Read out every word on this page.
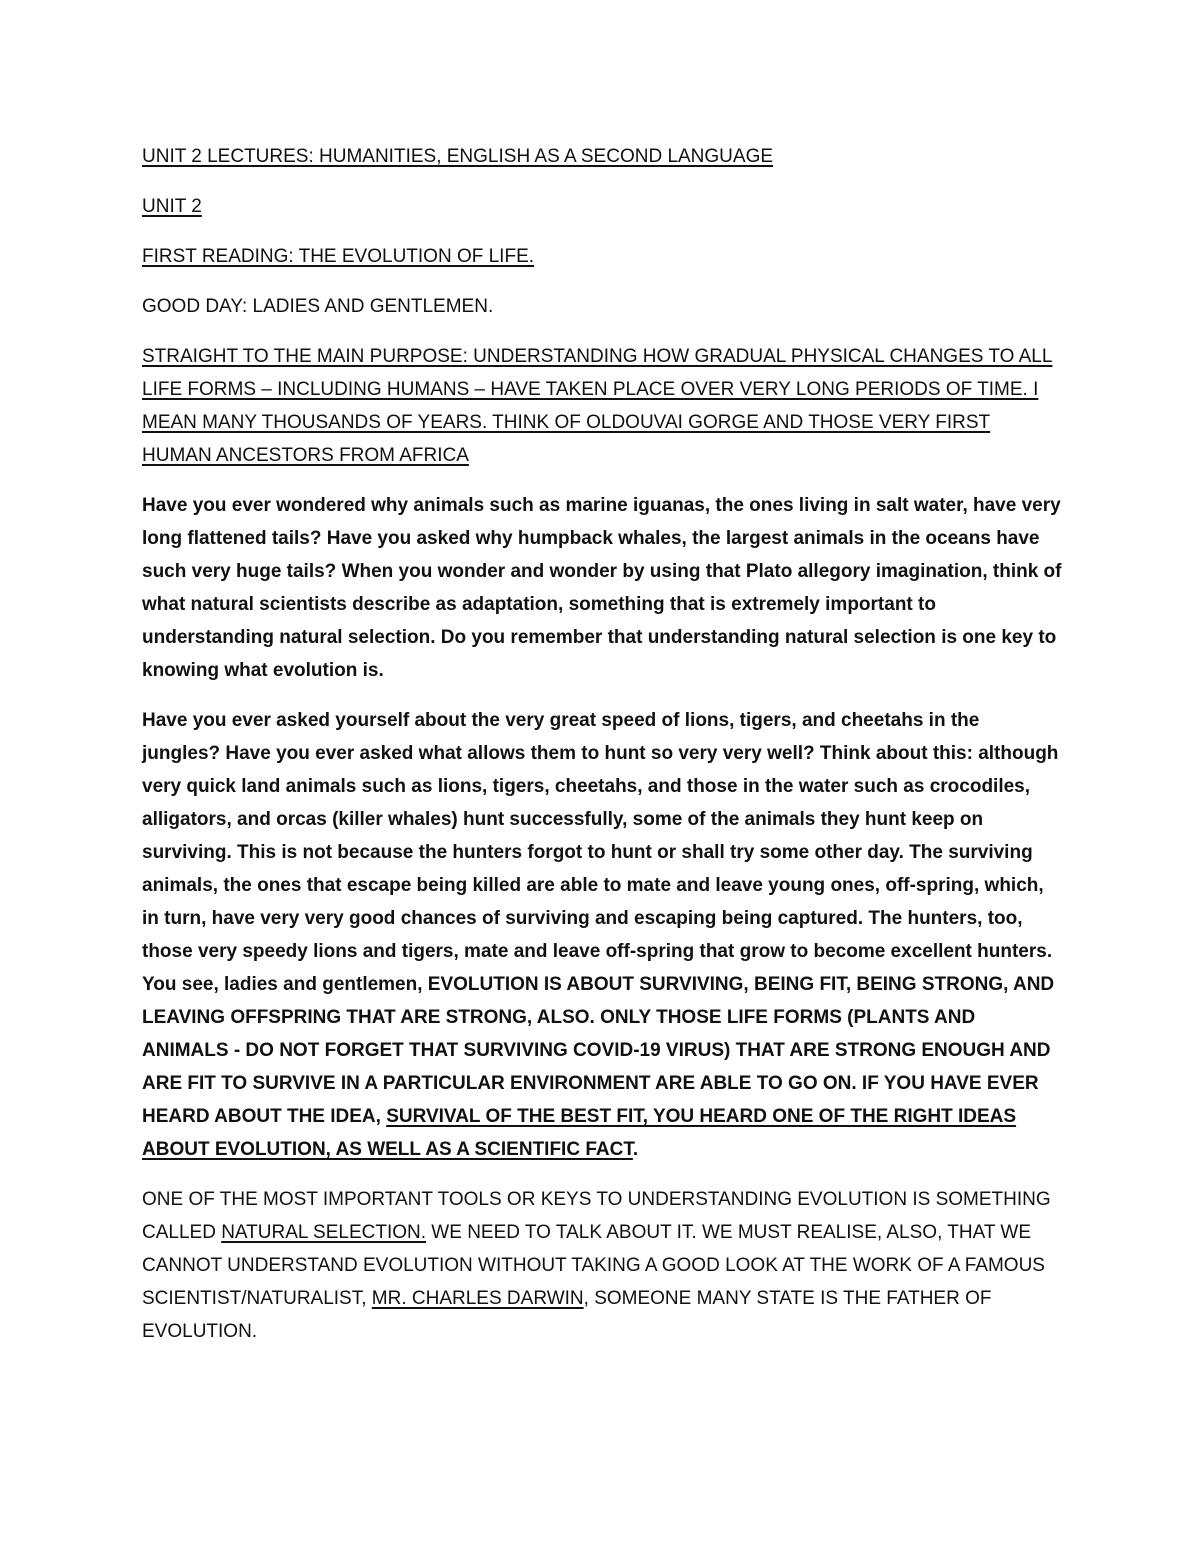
UNIT 2 LECTURES: HUMANITIES, ENGLISH AS A SECOND LANGUAGE

UNIT 2

FIRST READING: THE EVOLUTION OF LIFE.

GOOD DAY: LADIES AND GENTLEMEN.

STRAIGHT TO THE MAIN PURPOSE: UNDERSTANDING HOW GRADUAL PHYSICAL CHANGES TO ALL LIFE FORMS – INCLUDING HUMANS – HAVE TAKEN PLACE OVER VERY LONG PERIODS OF TIME. I MEAN MANY THOUSANDS OF YEARS. THINK OF OLDOUVAI GORGE AND THOSE VERY FIRST HUMAN ANCESTORS FROM AFRICA

Have you ever wondered why animals such as marine iguanas, the ones living in salt water, have very long flattened tails? Have you asked why humpback whales, the largest animals in the oceans have such very huge tails? When you wonder and wonder by using that Plato allegory imagination, think of what natural scientists describe as adaptation, something that is extremely important to understanding natural selection. Do you remember that understanding natural selection is one key to knowing what evolution is.

Have you ever asked yourself about the very great speed of lions, tigers, and cheetahs in the jungles? Have you ever asked what allows them to hunt so very very well? Think about this: although very quick land animals such as lions, tigers, cheetahs, and those in the water such as crocodiles, alligators, and orcas (killer whales) hunt successfully, some of the animals they hunt keep on surviving. This is not because the hunters forgot to hunt or shall try some other day. The surviving animals, the ones that escape being killed are able to mate and leave young ones, off-spring, which, in turn, have very very good chances of surviving and escaping being captured. The hunters, too, those very speedy lions and tigers, mate and leave off-spring that grow to become excellent hunters. You see, ladies and gentlemen, EVOLUTION IS ABOUT SURVIVING, BEING FIT, BEING STRONG, AND LEAVING OFFSPRING THAT ARE STRONG, ALSO. ONLY THOSE LIFE FORMS (PLANTS AND ANIMALS - DO NOT FORGET THAT SURVIVING COVID-19 VIRUS) THAT ARE STRONG ENOUGH AND ARE FIT TO SURVIVE IN A PARTICULAR ENVIRONMENT ARE ABLE TO GO ON. IF YOU HAVE EVER HEARD ABOUT THE IDEA, SURVIVAL OF THE BEST FIT, YOU HEARD ONE OF THE RIGHT IDEAS ABOUT EVOLUTION, AS WELL AS A SCIENTIFIC FACT.

ONE OF THE MOST IMPORTANT TOOLS OR KEYS TO UNDERSTANDING EVOLUTION IS SOMETHING CALLED NATURAL SELECTION. WE NEED TO TALK ABOUT IT. WE MUST REALISE, ALSO, THAT WE CANNOT UNDERSTAND EVOLUTION WITHOUT TAKING A GOOD LOOK AT THE WORK OF A FAMOUS SCIENTIST/NATURALIST, MR. CHARLES DARWIN, SOMEONE MANY STATE IS THE FATHER OF EVOLUTION.
